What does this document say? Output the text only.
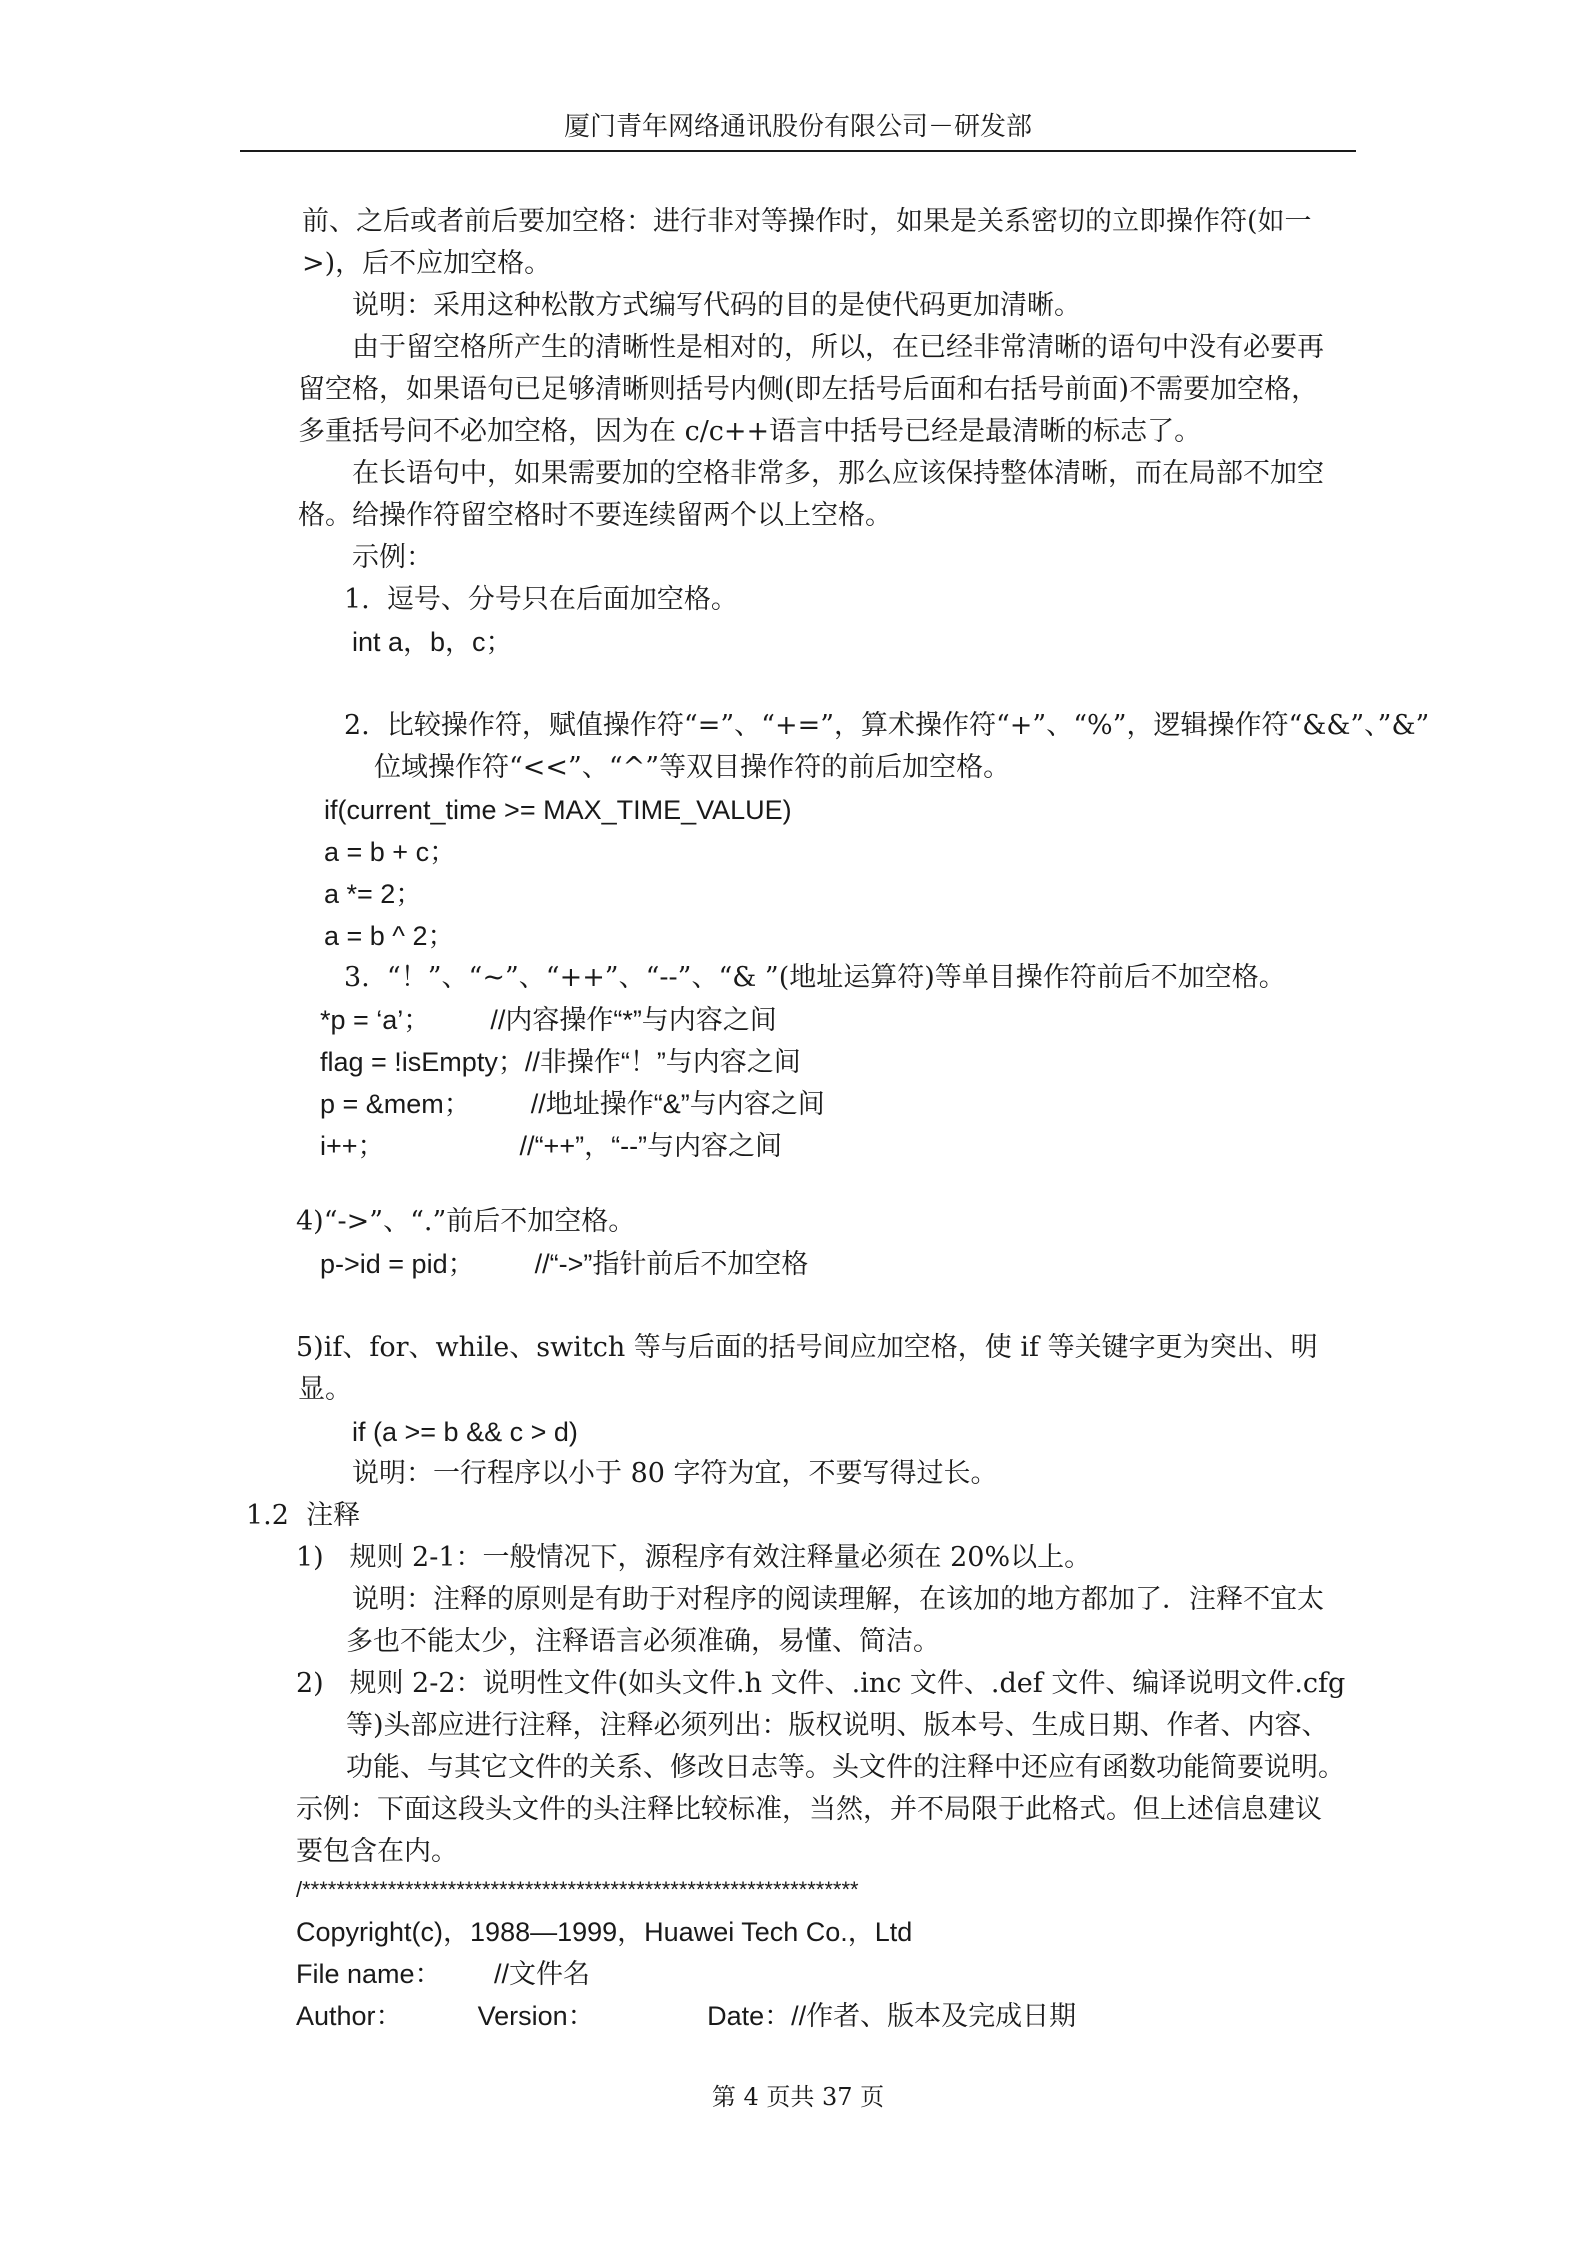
厦门青年网络通讯股份有限公司－研发部
前、之后或者前后要加空格：进行非对等操作时，如果是关系密切的立即操作符(如一
>)，后不应加空格。
说明：采用这种松散方式编写代码的目的是使代码更加清晰。
由于留空格所产生的清晰性是相对的，所以，在已经非常清晰的语句中没有必要再
留空格，如果语句已足够清晰则括号内侧(即左括号后面和右括号前面)不需要加空格，
多重括号问不必加空格，因为在 c/c++语言中括号已经是最清晰的标志了。
在长语句中，如果需要加的空格非常多，那么应该保持整体清晰，而在局部不加空
格。给操作符留空格时不要连续留两个以上空格。
示例：
1.  逗号、分号只在后面加空格。
int a，b，c；
2.  比较操作符，赋值操作符“=”、“+=”，算术操作符“+”、“%”，逻辑操作符“&&”、”&”
位域操作符“<<”、“^”等双目操作符的前后加空格。
if(current_time >= MAX_TIME_VALUE)
a = b + c；
a *= 2；
a = b ^ 2；
3.  “！”、“~”、“++”、“--”、“& ”(地址运算符)等单目操作符前后不加空格。
*p = ‘a’；        //内容操作“*”与内容之间
flag = !isEmpty；//非操作“！”与内容之间
p = &mem；        //地址操作“&”与内容之间
i++；                  //“++”，“--”与内容之间
4)“->”、“.”前后不加空格。
p->id = pid；        //“->”指针前后不加空格
5)if、for、while、switch 等与后面的括号间应加空格，使 if 等关键字更为突出、明
显。
if (a >= b && c > d)
说明：一行程序以小于 80 字符为宜，不要写得过长。
1.2  注释
1)   规则 2-1：一般情况下，源程序有效注释量必须在 20%以上。
说明：注释的原则是有助于对程序的阅读理解，在该加的地方都加了．注释不宜太
多也不能太少，注释语言必须准确，易懂、简洁。
2)   规则 2-2：说明性文件(如头文件.h 文件、.inc 文件、.def 文件、编译说明文件.cfg
等)头部应进行注释，注释必须列出：版权说明、版本号、生成日期、作者、内容、
功能、与其它文件的关系、修改日志等。头文件的注释中还应有函数功能简要说明。
示例：下面这段头文件的头注释比较标准，当然，并不局限于此格式。但上述信息建议
要包含在内。
/*****************************************************************
Copyright(c)，1988—1999，Huawei Tech Co.，Ltd
File name：       //文件名
Author：          Version：               Date：//作者、版本及完成日期
第 4 页共 37 页
